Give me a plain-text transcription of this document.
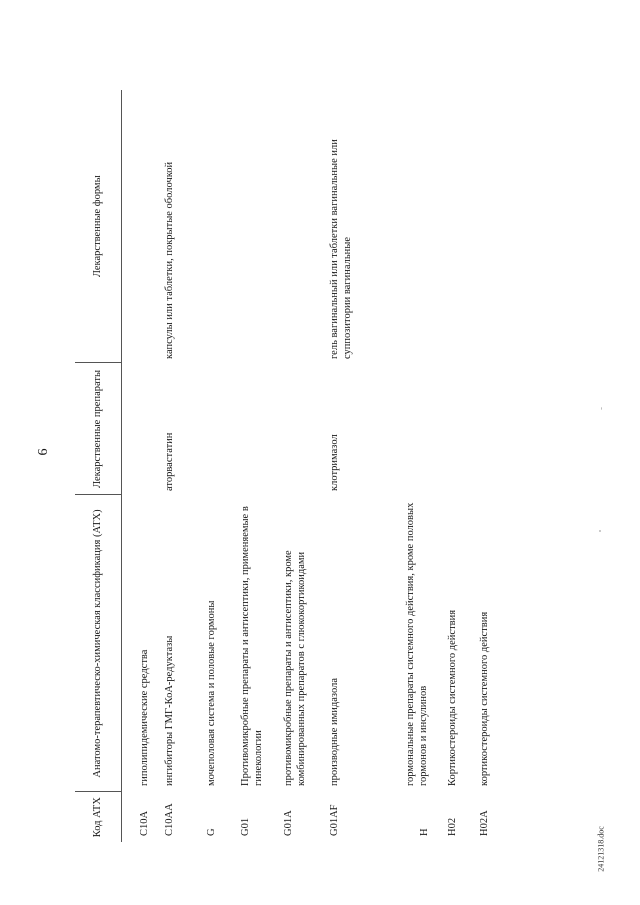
6
Код АТХ	Анатомо-терапевтическо-химическая классификация (АТХ)	Лекарственные препараты	Лекарственные формы

C10A	гиполипидемические средства		
C10AA	ингибиторы ГМГ-КоА-редуктазы	аторвастатин	капсулы или таблетки, покрытые оболочкой
G	мочеполовая система и половые гормоны		
G01	Противомикробные препараты и антисептики, применяемые в гинекологии		
G01A	противомикробные препараты и антисептики, кроме комбинированных препаратов с глюкокортикоидами		
G01AF	производные имидазола	клотримазол	гель вагинальный или таблетки вагинальные или суппозитории вагинальные
H	гормональные препараты системного действия, кроме половых гормонов и инсулинов		
H02	Кортикостероиды системного действия		
H02A	кортикостероиды системного действия		
24121318.doc
